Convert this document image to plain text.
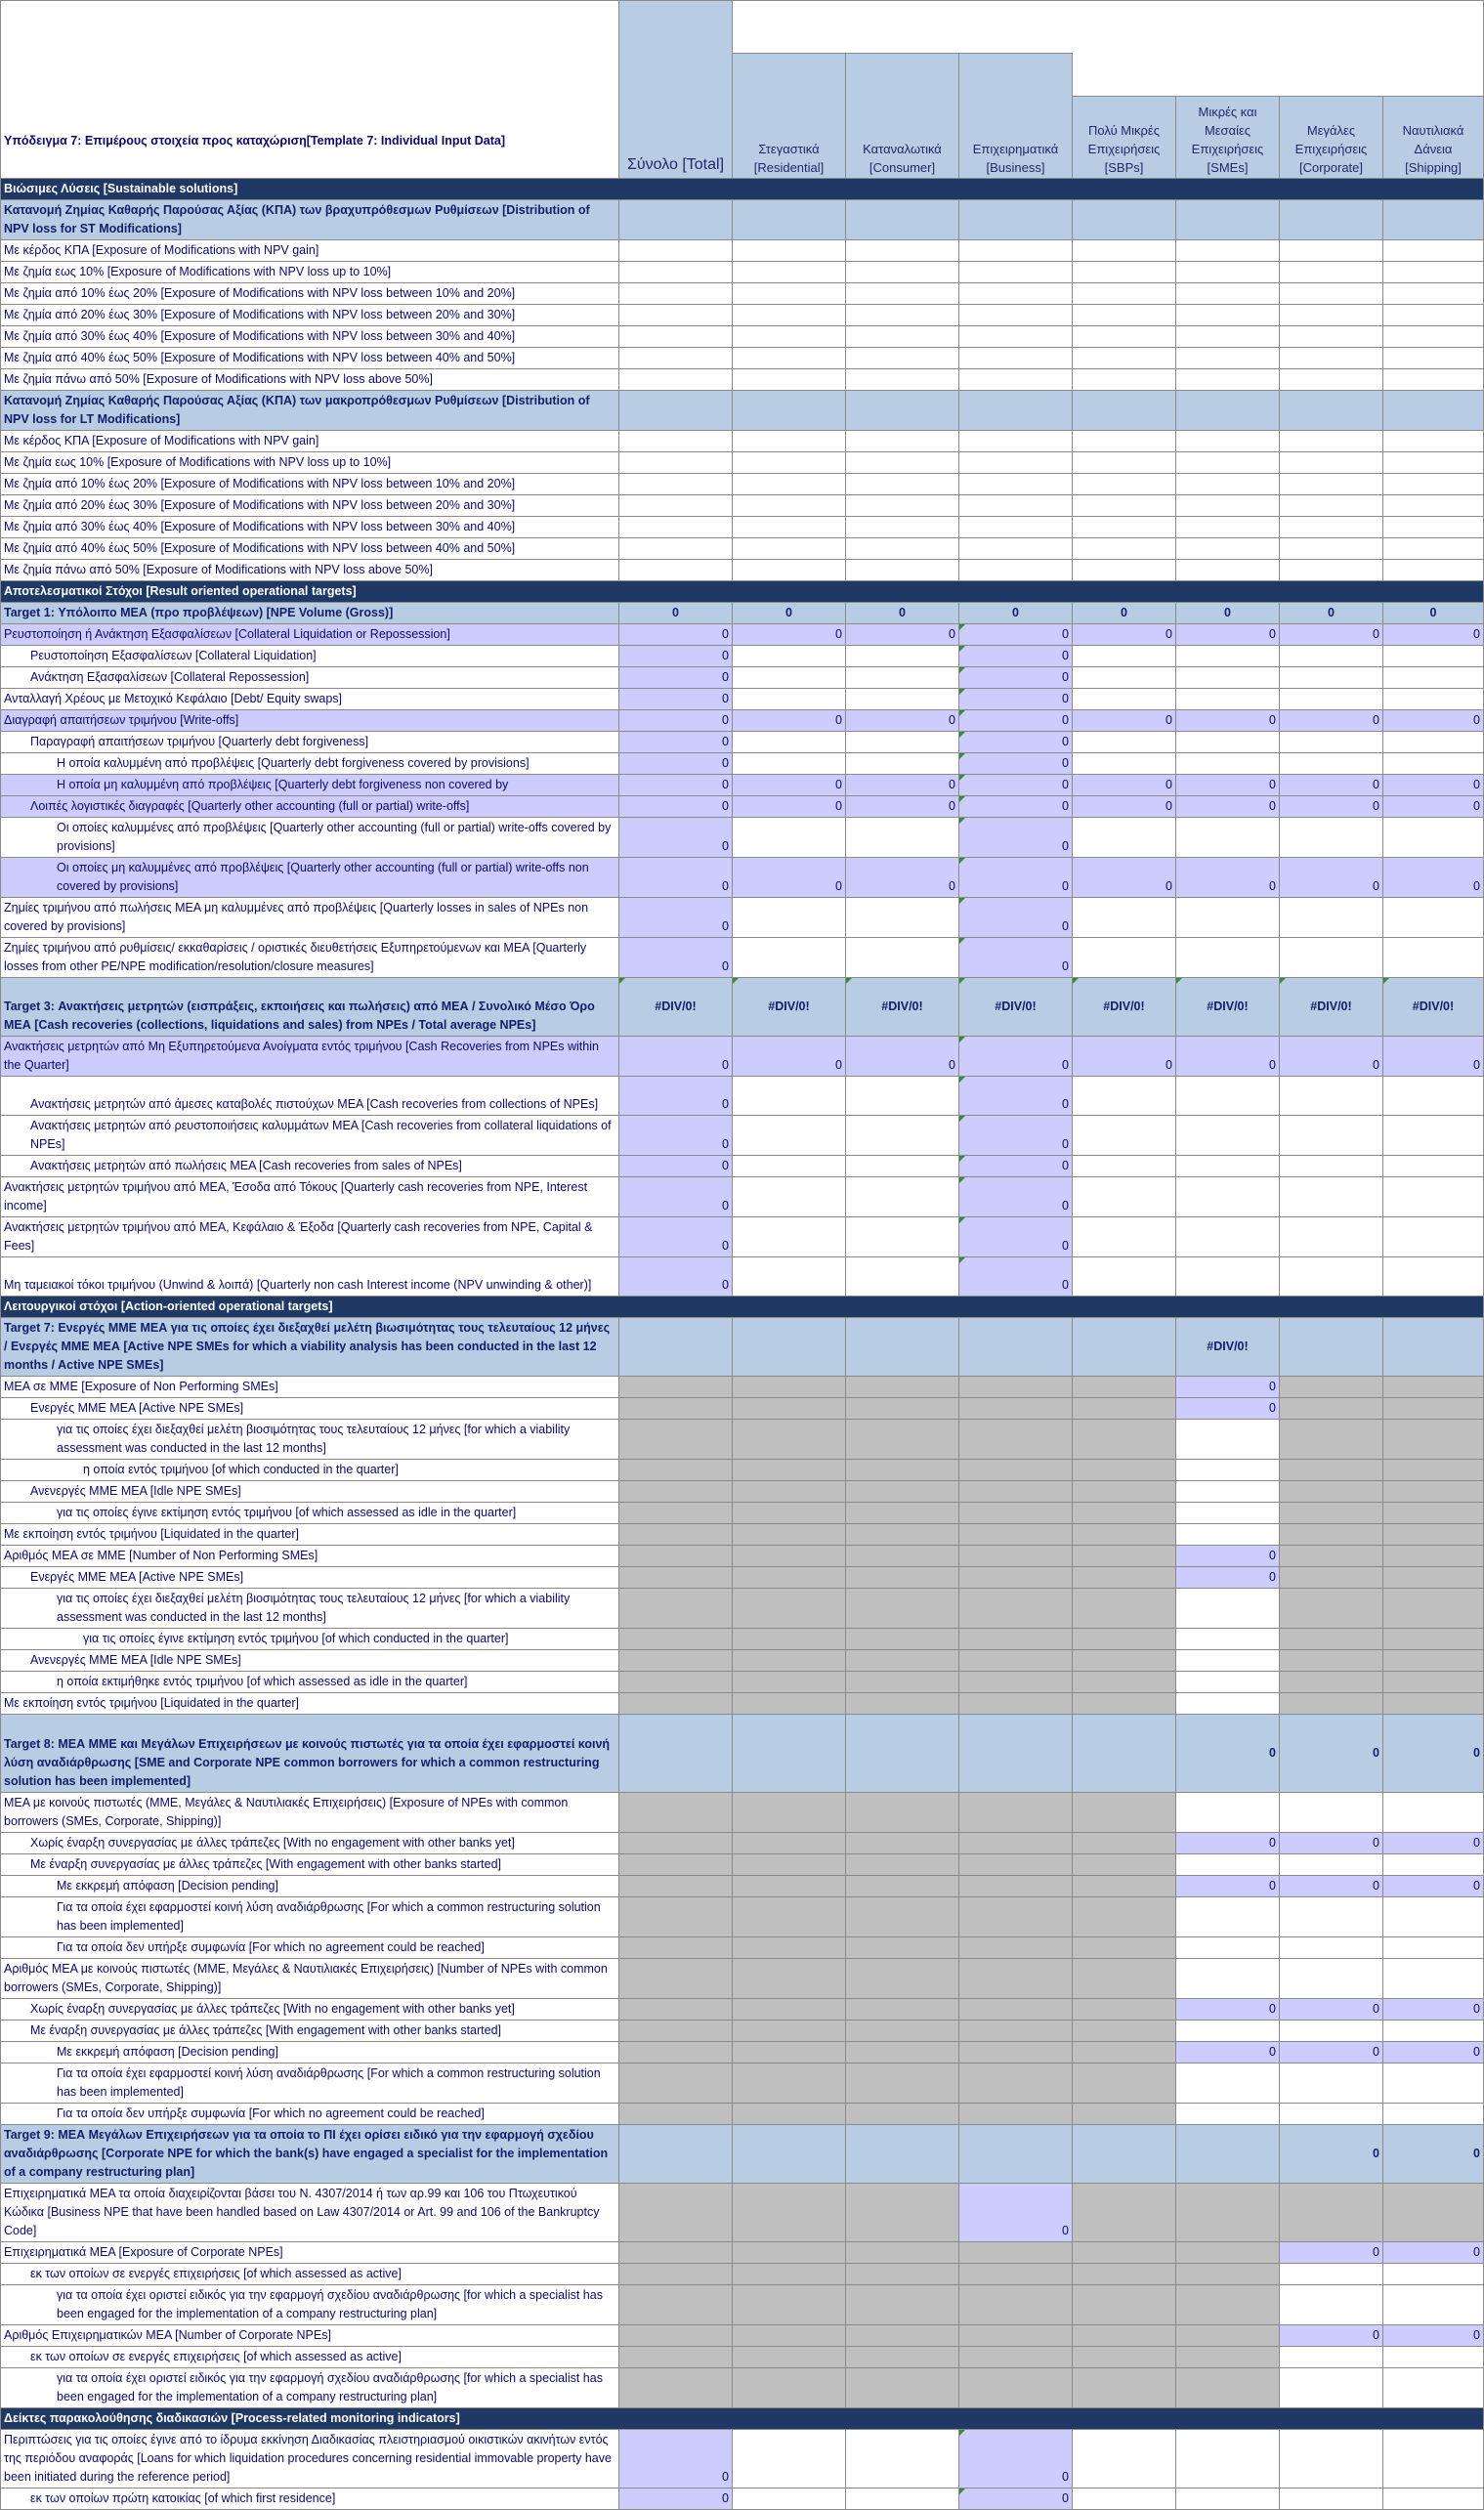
Υπόδειγμα 7: Επιμέρους στοιχεία προς καταχώριση[Template 7: Individual Input Data]	Σύνολο [Total]							
		Στεγαστικά [Residential]	Καταναλωτικά [Consumer]	Επιχειρηματικά [Business]				
					Πολύ Μικρές Επιχειρήσεις [SBPs]	Μικρές και Μεσαίες Επιχειρήσεις [SMEs]	Μεγάλες Επιχειρήσεις [Corporate]	Ναυτιλιακά Δάνεια [Shipping]
Βιώσιμες Λύσεις [Sustainable solutions]								
Κατανομή Ζημίας Καθαρής Παρούσας Αξίας (ΚΠΑ) των βραχυπρόθεσμων Ρυθμίσεων [Distribution of NPV loss for ST Modifications]								
Με κέρδος ΚΠΑ [Exposure of Modifications with NPV gain]								
Με ζημία εως 10% [Exposure of Modifications with NPV loss up to 10%]								
Με ζημία από 10% έως 20% [Exposure of Modifications with NPV loss between 10% and 20%]								
Με ζημία από 20% έως 30% [Exposure of Modifications with NPV loss between 20% and 30%]								
Με ζημία από 30% έως 40% [Exposure of Modifications with NPV loss between 30% and 40%]								
Με ζημία από 40% έως 50% [Exposure of Modifications with NPV loss between 40% and 50%]								
Με ζημία πάνω από 50% [Exposure of Modifications with NPV loss above 50%]								
Κατανομή Ζημίας Καθαρής Παρούσας Αξίας (ΚΠΑ) των μακροπρόθεσμων Ρυθμίσεων [Distribution of NPV loss for LT Modifications]								
Με κέρδος ΚΠΑ [Exposure of Modifications with NPV gain]								
Με ζημία εως 10% [Exposure of Modifications with NPV loss up to 10%]								
Με ζημία από 10% έως 20% [Exposure of Modifications with NPV loss between 10% and 20%]								
Με ζημία από 20% έως 30% [Exposure of Modifications with NPV loss between 20% and 30%]								
Με ζημία από 30% έως 40% [Exposure of Modifications with NPV loss between 30% and 40%]								
Με ζημία από 40% έως 50% [Exposure of Modifications with NPV loss between 40% and 50%]								
Με ζημία πάνω από 50% [Exposure of Modifications with NPV loss above 50%]								
Αποτελεσματικοί Στόχοι [Result oriented operational targets]								
Target 1: Υπόλοιπο ΜΕΑ (προ προβλέψεων) [NPE Volume (Gross)]	0	0	0	0	0	0	0	0
Ρευστοποίηση ή Ανάκτηση Εξασφαλίσεων [Collateral Liquidation or Repossession]	0	0	0	0	0	0	0	0
Ρευστοποίηση Εξασφαλίσεων [Collateral Liquidation]	0			0				
Ανάκτηση Εξασφαλίσεων [Collateral Repossession]	0			0				
Ανταλλαγή Χρέους με Μετοχικό Κεφάλαιο [Debt/ Equity swaps]	0			0				
Διαγραφή απαιτήσεων τριμήνου [Write-offs]	0	0	0	0	0	0	0	0
Παραγραφή απαιτήσεων τριμήνου [Quarterly debt forgiveness]	0			0				
Η οποία καλυμμένη από προβλέψεις [Quarterly debt forgiveness covered by provisions]	0			0				
Η οποία μη καλυμμένη από προβλέψεις [Quarterly debt forgiveness non covered by	0	0	0	0	0	0	0	0
Λοιπές λογιστικές διαγραφές [Quarterly other accounting (full or partial) write-offs]	0	0	0	0	0	0	0	0
Οι οποίες καλυμμένες από προβλέψεις [Quarterly other accounting (full or partial) write-offs covered by provisions]	0			0				
Οι οποίες μη καλυμμένες από προβλέψεις [Quarterly other accounting (full or partial) write-offs non covered by provisions]	0	0	0	0	0	0	0	0
Ζημίες τριμήνου από πωλήσεις ΜΕΑ μη καλυμμένες από προβλέψεις [Quarterly losses in sales of NPEs non covered by provisions]	0			0				
Ζημίες τριμήνου από ρυθμίσεις/ εκκαθαρίσεις / οριστικές διευθετήσεις Εξυπηρετούμενων και ΜΕΑ [Quarterly losses from other PE/NPE modification/resolution/closure measures]	0			0				
Target 3: Ανακτήσεις μετρητών (εισπράξεις, εκποιήσεις και πωλήσεις) από ΜΕΑ / Συνολικό Μέσο Όρο ΜΕΑ [Cash recoveries (collections, liquidations and sales) from NPEs / Total average NPEs]	#DIV/0!	#DIV/0!	#DIV/0!	#DIV/0!	#DIV/0!	#DIV/0!	#DIV/0!	#DIV/0!
Ανακτήσεις μετρητών από Μη Εξυπηρετούμενα Ανοίγματα εντός τριμήνου [Cash Recoveries from NPEs within the Quarter]	0	0	0	0	0	0	0	0
Ανακτήσεις μετρητών από άμεσες καταβολές πιστούχων ΜΕΑ [Cash recoveries from collections of NPEs]	0			0				
Ανακτήσεις μετρητών από ρευστοποιήσεις καλυμμάτων ΜΕΑ [Cash recoveries from collateral liquidations of NPEs]	0			0				
Ανακτήσεις μετρητών από πωλήσεις ΜΕΑ [Cash recoveries from sales of NPEs]	0			0				
Ανακτήσεις μετρητών τριμήνου από ΜΕΑ, Έσοδα από Τόκους [Quarterly cash recoveries from NPE, Interest income]	0			0				
Ανακτήσεις μετρητών τριμήνου από ΜΕΑ, Κεφάλαιο & Έξοδα [Quarterly cash recoveries from NPE, Capital & Fees]	0			0				
Μη ταμειακοί τόκοι τριμήνου (Unwind & λοιπά) [Quarterly non cash Interest income (NPV unwinding & other)]	0			0				
Λειτουργικοί στόχοι [Action-oriented operational targets]								
Target 7: Ενεργές ΜΜΕ ΜΕΑ για τις οποίες έχει διεξαχθεί μελέτη βιωσιμότητας τους τελευταίους 12 μήνες / Ενεργές ΜΜΕ ΜΕΑ [Active NPE SMEs for which a viability analysis has been conducted in the last 12 months / Active NPE SMEs]						#DIV/0!		
ΜΕΑ σε ΜΜΕ [Exposure of Non Performing SMEs]						0		
Ενεργές ΜΜΕ ΜΕΑ [Active NPE SMEs]						0		
για τις οποίες έχει διεξαχθεί μελέτη βιοσιμότητας τους τελευταίους 12 μήνες [for which a viability assessment was conducted in the last 12 months]								
η οποία εντός τριμήνου [of which conducted in the quarter]								
Ανενεργές ΜΜΕ ΜΕΑ [Idle NPE SMEs]								
για τις οποίες έγινε εκτίμηση εντός τριμήνου [of which assessed as idle in the quarter]								
Με εκποίηση εντός τριμήνου [Liquidated in the quarter]								
Αριθμός ΜΕΑ σε ΜΜΕ [Number of Non Performing SMEs]						0		
Ενεργές ΜΜΕ ΜΕΑ [Active NPE SMEs]						0		
για τις οποίες έχει διεξαχθεί μελέτη βιοσιμότητας τους τελευταίους 12 μήνες [for which a viability assessment was conducted in the last 12 months]								
για τις οποίες έγινε εκτίμηση εντός τριμήνου [of which conducted in the quarter]								
Ανενεργές ΜΜΕ ΜΕΑ [Idle NPE SMEs]								
η οποία εκτιμήθηκε εντός τριμήνου [of which assessed as idle in the quarter]								
Με εκποίηση εντός τριμήνου [Liquidated in the quarter]								
Target 8: ΜΕΑ ΜΜΕ και Μεγάλων Επιχειρήσεων με κοινούς πιστωτές για τα οποία έχει εφαρμοστεί κοινή λύση αναδιάρθρωσης [SME and Corporate NPE common borrowers for which a common restructuring solution has been implemented]						0	0	0
ΜΕΑ με κοινούς πιστωτές (ΜΜΕ, Μεγάλες & Ναυτιλιακές Επιχειρήσεις) [Exposure of NPEs with common borrowers (SMEs, Corporate, Shipping)]								
Χωρίς έναρξη συνεργασίας με άλλες τράπεζες [With no engagement with other banks yet]						0	0	0
Με έναρξη συνεργασίας με άλλες τράπεζες [With engagement with other banks started]								
Με εκκρεμή απόφαση [Decision pending]						0	0	0
Για τα οποία έχει εφαρμοστεί κοινή λύση αναδιάρθρωσης [For which a common restructuring solution has been implemented]								
Για τα οποία δεν υπήρξε συμφωνία [For which no agreement could be reached]								
Αριθμός ΜΕΑ με κοινούς πιστωτές (ΜΜΕ, Μεγάλες & Ναυτιλιακές Επιχειρήσεις) [Number of NPEs with common borrowers (SMEs, Corporate, Shipping)]								
Χωρίς έναρξη συνεργασίας με άλλες τράπεζες [With no engagement with other banks yet]						0	0	0
Με έναρξη συνεργασίας με άλλες τράπεζες [With engagement with other banks started]								
Με εκκρεμή απόφαση [Decision pending]						0	0	0
Για τα οποία έχει εφαρμοστεί κοινή λύση αναδιάρθρωσης [For which a common restructuring solution has been implemented]								
Για τα οποία δεν υπήρξε συμφωνία [For which no agreement could be reached]								
Target 9: ΜΕΑ Μεγάλων Επιχειρήσεων για τα οποία το ΠΙ έχει ορίσει ειδικό για την εφαρμογή σχεδίου αναδιάρθρωσης [Corporate NPE for which the bank(s) have engaged a specialist for the implementation of a company restructuring plan]							0	0
Επιχειρηματικά ΜΕΑ τα οποία διαχειρίζονται βάσει του Ν. 4307/2014 ή των αρ.99 και 106 του Πτωχευτικού Κώδικα [Business NPE that have been handled based on Law 4307/2014 or Art. 99 and 106 of the Bankruptcy Code]				0				
Επιχειρηματικά ΜΕΑ [Exposure of Corporate NPEs]							0	0
εκ των οποίων σε ενεργές επιχειρήσεις [of which assessed as active]								
για τα οποία έχει οριστεί ειδικός για την εφαρμογή σχεδίου αναδιάρθρωσης [for which a specialist has been engaged for the implementation of a company restructuring plan]								
Αριθμός Επιχειρηματικών ΜΕΑ [Number of Corporate NPEs]							0	0
εκ των οποίων σε ενεργές επιχειρήσεις [of which assessed as active]								
για τα οποία έχει οριστεί ειδικός για την εφαρμογή σχεδίου αναδιάρθρωσης [for which a specialist has been engaged for the implementation of a company restructuring plan]								
Δείκτες παρακολούθησης διαδικασιών [Process-related monitoring indicators]								
Περιπτώσεις για τις οποίες έγινε από το ίδρυμα εκκίνηση Διαδικασίας πλειστηριασμού οικιστικών ακινήτων εντός της περιόδου αναφοράς [Loans for which liquidation procedures concerning residential immovable property have been initiated during the reference period]	0			0				
εκ των οποίων πρώτη κατοικίας [of which first residence]	0			0				
